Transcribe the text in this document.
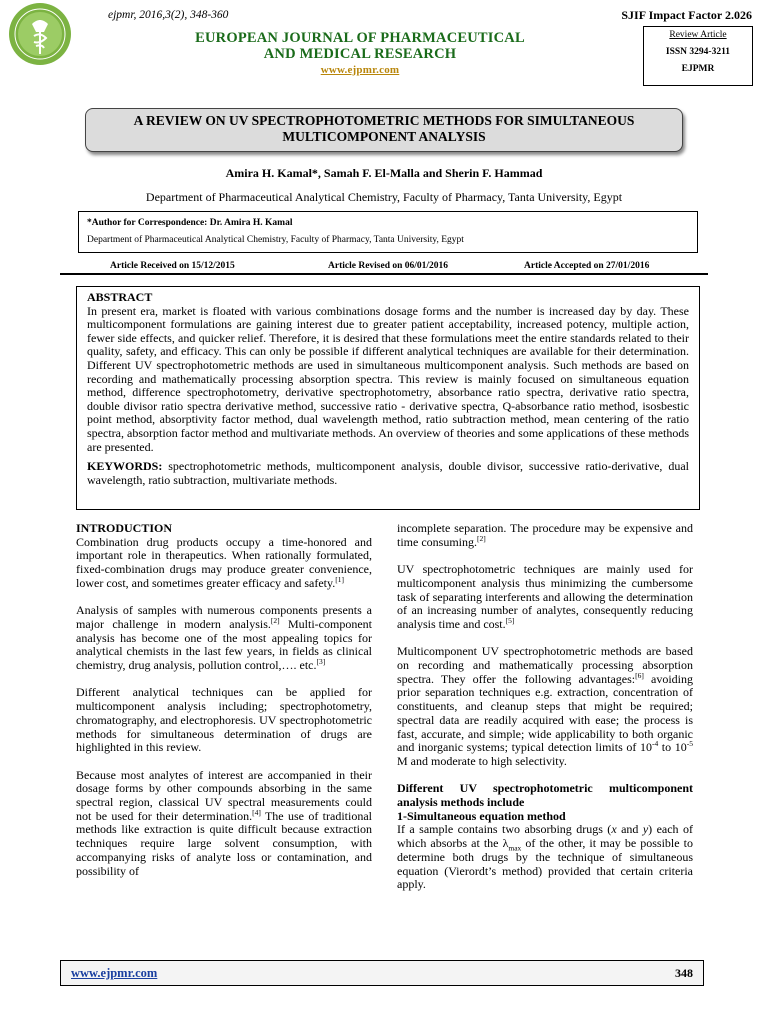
ejpmr, 2016,3(2), 348-360
EUROPEAN JOURNAL OF PHARMACEUTICAL
AND MEDICAL RESEARCH
www.ejpmr.com
SJIF Impact Factor 2.026
Review Article
ISSN 3294-3211
EJPMR
A REVIEW ON UV SPECTROPHOTOMETRIC METHODS FOR SIMULTANEOUS
MULTICOMPONENT ANALYSIS
Amira H. Kamal*, Samah F. El-Malla and Sherin F. Hammad
Department of Pharmaceutical Analytical Chemistry, Faculty of Pharmacy, Tanta University, Egypt
*Author for Correspondence: Dr. Amira H. Kamal
Department of Pharmaceutical Analytical Chemistry, Faculty of Pharmacy, Tanta University, Egypt
Article Received on 15/12/2015	Article Revised on 06/01/2016	Article Accepted on 27/01/2016
ABSTRACT

In present era, market is floated with various combinations dosage forms and the number is increased day by day. These multicomponent formulations are gaining interest due to greater patient acceptability, increased potency, multiple action, fewer side effects, and quicker relief. Therefore, it is desired that these formulations meet the entire standards related to their quality, safety, and efficacy. This can only be possible if different analytical techniques are available for their determination. Different UV spectrophotometric methods are used in simultaneous multicomponent analysis. Such methods are based on recording and mathematically processing absorption spectra. This review is mainly focused on simultaneous equation method, difference spectrophotometry, derivative spectrophotometry, absorbance ratio spectra, derivative ratio spectra, double divisor ratio spectra derivative method, successive ratio - derivative spectra, Q-absorbance ratio method, isosbestic point method, absorptivity factor method, dual wavelength method, ratio subtraction method, mean centering of the ratio spectra, absorption factor method and multivariate methods. An overview of theories and some applications of these methods are presented.

KEYWORDS: spectrophotometric methods, multicomponent analysis, double divisor, successive ratio-derivative, dual wavelength, ratio subtraction, multivariate methods.

INTRODUCTION

Combination drug products occupy a time-honored and important role in therapeutics. When rationally formulated, fixed-combination drugs may produce greater convenience, lower cost, and sometimes greater efficacy and safety.[1]

Analysis of samples with numerous components presents a major challenge in modern analysis.[2] Multi-component analysis has become one of the most appealing topics for analytical chemists in the last few years, in fields as clinical chemistry, drug analysis, pollution control,…. etc.[3]

Different analytical techniques can be applied for multicomponent analysis including; spectrophotometry, chromatography, and electrophoresis. UV spectrophotometric methods for simultaneous determination of drugs are highlighted in this review.

Because most analytes of interest are accompanied in their dosage forms by other compounds absorbing in the same spectral region, classical UV spectral measurements could not be used for their determination.[4] The use of traditional methods like extraction is quite difficult because extraction techniques require large solvent consumption, with accompanying risks of analyte loss or contamination, and possibility of

incomplete separation. The procedure may be expensive and time consuming.[2]

UV spectrophotometric techniques are mainly used for multicomponent analysis thus minimizing the cumbersome task of separating interferents and allowing the determination of an increasing number of analytes, consequently reducing analysis time and cost.[5]

Multicomponent UV spectrophotometric methods are based on recording and mathematically processing absorption spectra. They offer the following advantages:[6] avoiding prior separation techniques e.g. extraction, concentration of constituents, and cleanup steps that might be required; spectral data are readily acquired with ease; the process is fast, accurate, and simple; wide applicability to both organic and inorganic systems; typical detection limits of $10^{-4}$ to $10^{-5}$ M and moderate to high selectivity.

Different UV spectrophotometric multicomponent analysis methods include
1-Simultaneous equation method

If a sample contains two absorbing drugs (x and y) each of which absorbs at the $\lambda_{max}$ of the other, it may be possible to determine both drugs by the technique of simultaneous equation (Vierordt’s method) provided that certain criteria apply.

www.ejpmr.com	348
